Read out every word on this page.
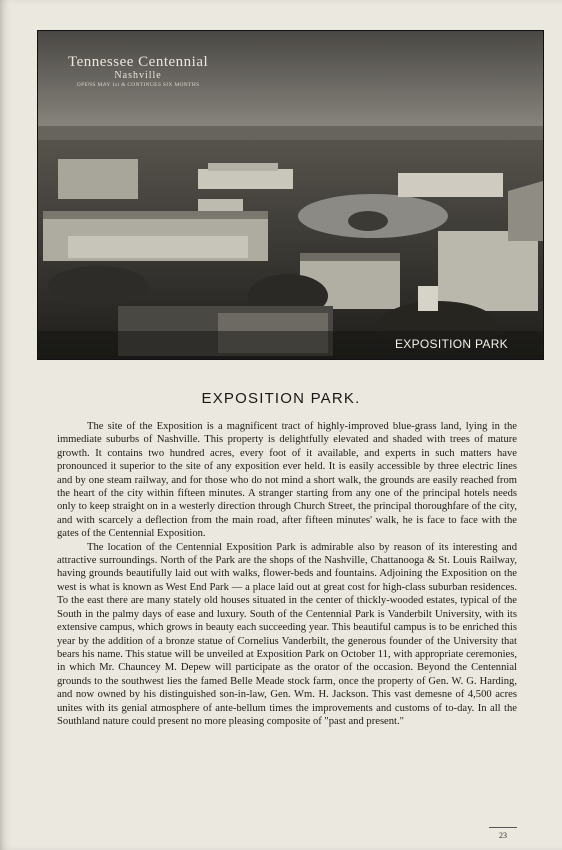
Tennessee Centennial
Nashville
OPENS MAY 1st & CONTINUES SIX MONTHS
EXPOSITION PARK
EXPOSITION PARK.

The site of the Exposition is a magnificent tract of highly-improved blue-grass land, lying in the immediate suburbs of Nashville. This property is delightfully elevated and shaded with trees of mature growth. It contains two hundred acres, every foot of it available, and experts in such matters have pronounced it superior to the site of any exposition ever held. It is easily accessible by three electric lines and by one steam railway, and for those who do not mind a short walk, the grounds are easily reached from the heart of the city within fifteen minutes. A stranger starting from any one of the principal hotels needs only to keep straight on in a westerly direction through Church Street, the principal thoroughfare of the city, and with scarcely a deflection from the main road, after fifteen minutes' walk, he is face to face with the gates of the Centennial Exposition.

The location of the Centennial Exposition Park is admirable also by reason of its interesting and attractive surroundings. North of the Park are the shops of the Nashville, Chattanooga & St. Louis Railway, having grounds beautifully laid out with walks, flower-beds and fountains. Adjoining the Exposition on the west is what is known as West End Park — a place laid out at great cost for high-class suburban residences. To the east there are many stately old houses situated in the center of thickly-wooded estates, typical of the South in the palmy days of ease and luxury. South of the Centennial Park is Vanderbilt University, with its extensive campus, which grows in beauty each succeeding year. This beautiful campus is to be enriched this year by the addition of a bronze statue of Cornelius Vanderbilt, the generous founder of the University that bears his name. This statue will be unveiled at Exposition Park on October 11, with appropriate ceremonies, in which Mr. Chauncey M. Depew will participate as the orator of the occasion. Beyond the Centennial grounds to the southwest lies the famed Belle Meade stock farm, once the property of Gen. W. G. Harding, and now owned by his distinguished son-in-law, Gen. Wm. H. Jackson. This vast demesne of 4,500 acres unites with its genial atmosphere of ante-bellum times the improvements and customs of to-day. In all the Southland nature could present no more pleasing composite of "past and present."

23
